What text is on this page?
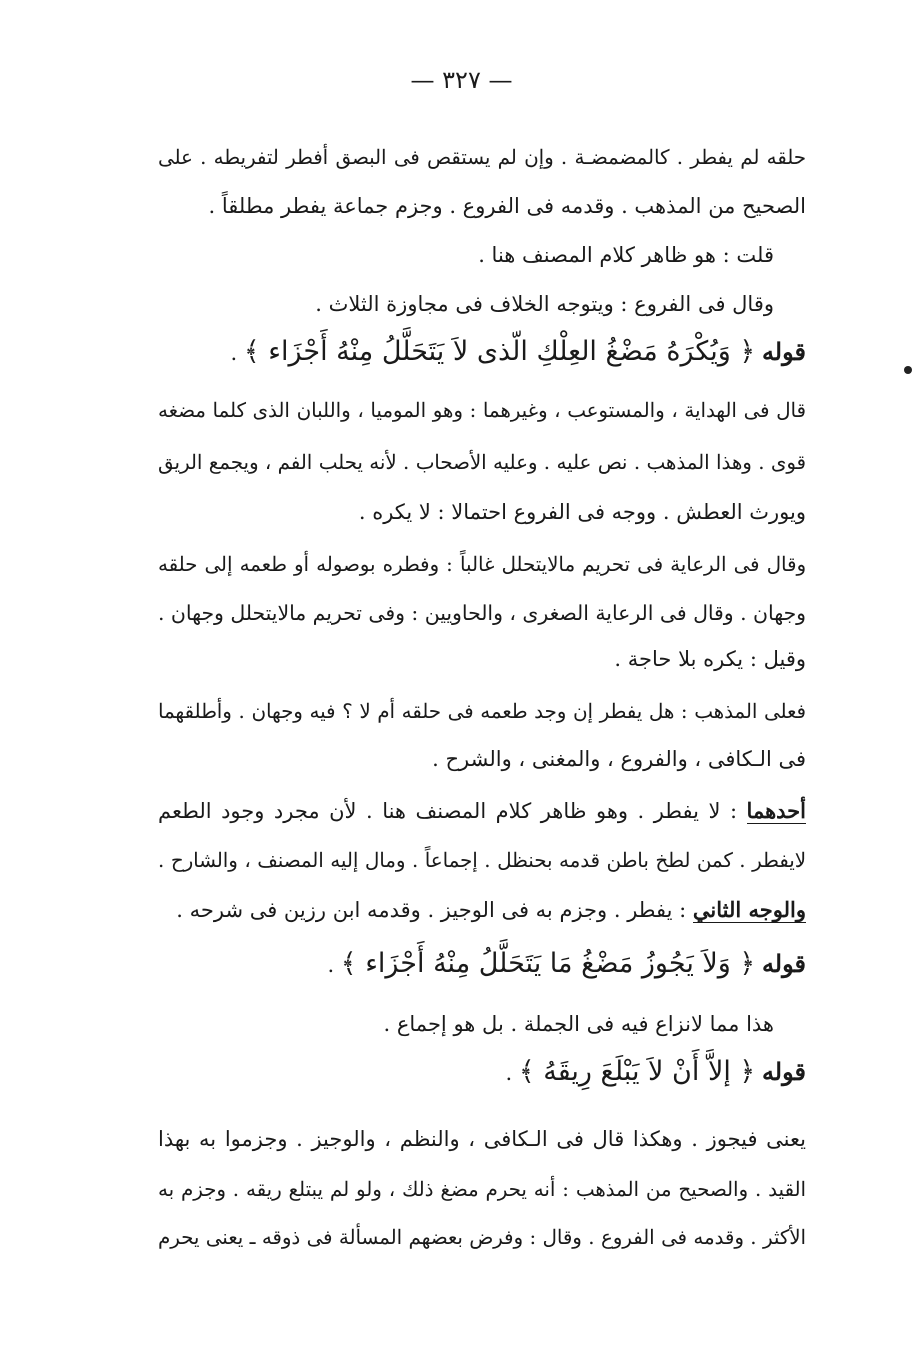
— ٣٢٧ —
حلقه لم يفطر . كالمضمضـة . وإن لم يستقص فى البصق أفطر لتفريطه . على
الصحيح من المذهب . وقدمه فى الفروع . وجزم جماعة يفطر مطلقاً .
قلت : هو ظاهر كلام المصنف هنا .
وقال فى الفروع : ويتوجه الخلاف فى مجاوزة الثلاث .
قوله ﴿ وَيُكْرَهُ مَضْغُ العِلْكِ الّذى لاَ يَتَحَلَّلُ مِنْهُ أَجْزَاء ﴾ .
قال فى الهداية ، والمستوعب ، وغيرهما : وهو الموميا ، واللبان الذى كلما مضغه
قوى . وهذا المذهب . نص عليه . وعليه الأصحاب . لأنه يحلب الفم ، ويجمع الريق
ويورث العطش . ووجه فى الفروع احتمالا : لا يكره .
وقال فى الرعاية فى تحريم مالايتحلل غالباً : وفطره بوصوله أو طعمه إلى حلقه
وجهان . وقال فى الرعاية الصغرى ، والحاويين : وفى تحريم مالايتحلل وجهان .
وقيل : يكره بلا حاجة .
فعلى المذهب : هل يفطر إن وجد طعمه فى حلقه أم لا ؟ فيه وجهان . وأطلقهما
فى الـكافى ، والفروع ، والمغنى ، والشرح .
أحدهما : لا يفطر . وهو ظاهر كلام المصنف هنا . لأن مجرد وجود الطعم
لايفطر . كمن لطخ باطن قدمه بحنظل . إجماعاً . ومال إليه المصنف ، والشارح .
والوجه الثاني : يفطر . وجزم به فى الوجيز . وقدمه ابن رزين فى شرحه .
قوله ﴿ وَلاَ يَجُوزُ مَضْغُ مَا يَتَحَلَّلُ مِنْهُ أَجْزَاء ﴾ .
هذا مما لانزاع فيه فى الجملة . بل هو إجماع .
قوله ﴿ إلاَّ أَنْ لاَ يَبْلَعَ رِيقَهُ ﴾ .
يعنى فيجوز . وهكذا قال فى الـكافى ، والنظم ، والوجيز . وجزموا به بهذا
القيد . والصحيح من المذهب : أنه يحرم مضغ ذلك ، ولو لم يبتلع ريقه . وجزم به
الأكثر . وقدمه فى الفروع . وقال : وفرض بعضهم المسألة فى ذوقه ـ يعنى يحرم
